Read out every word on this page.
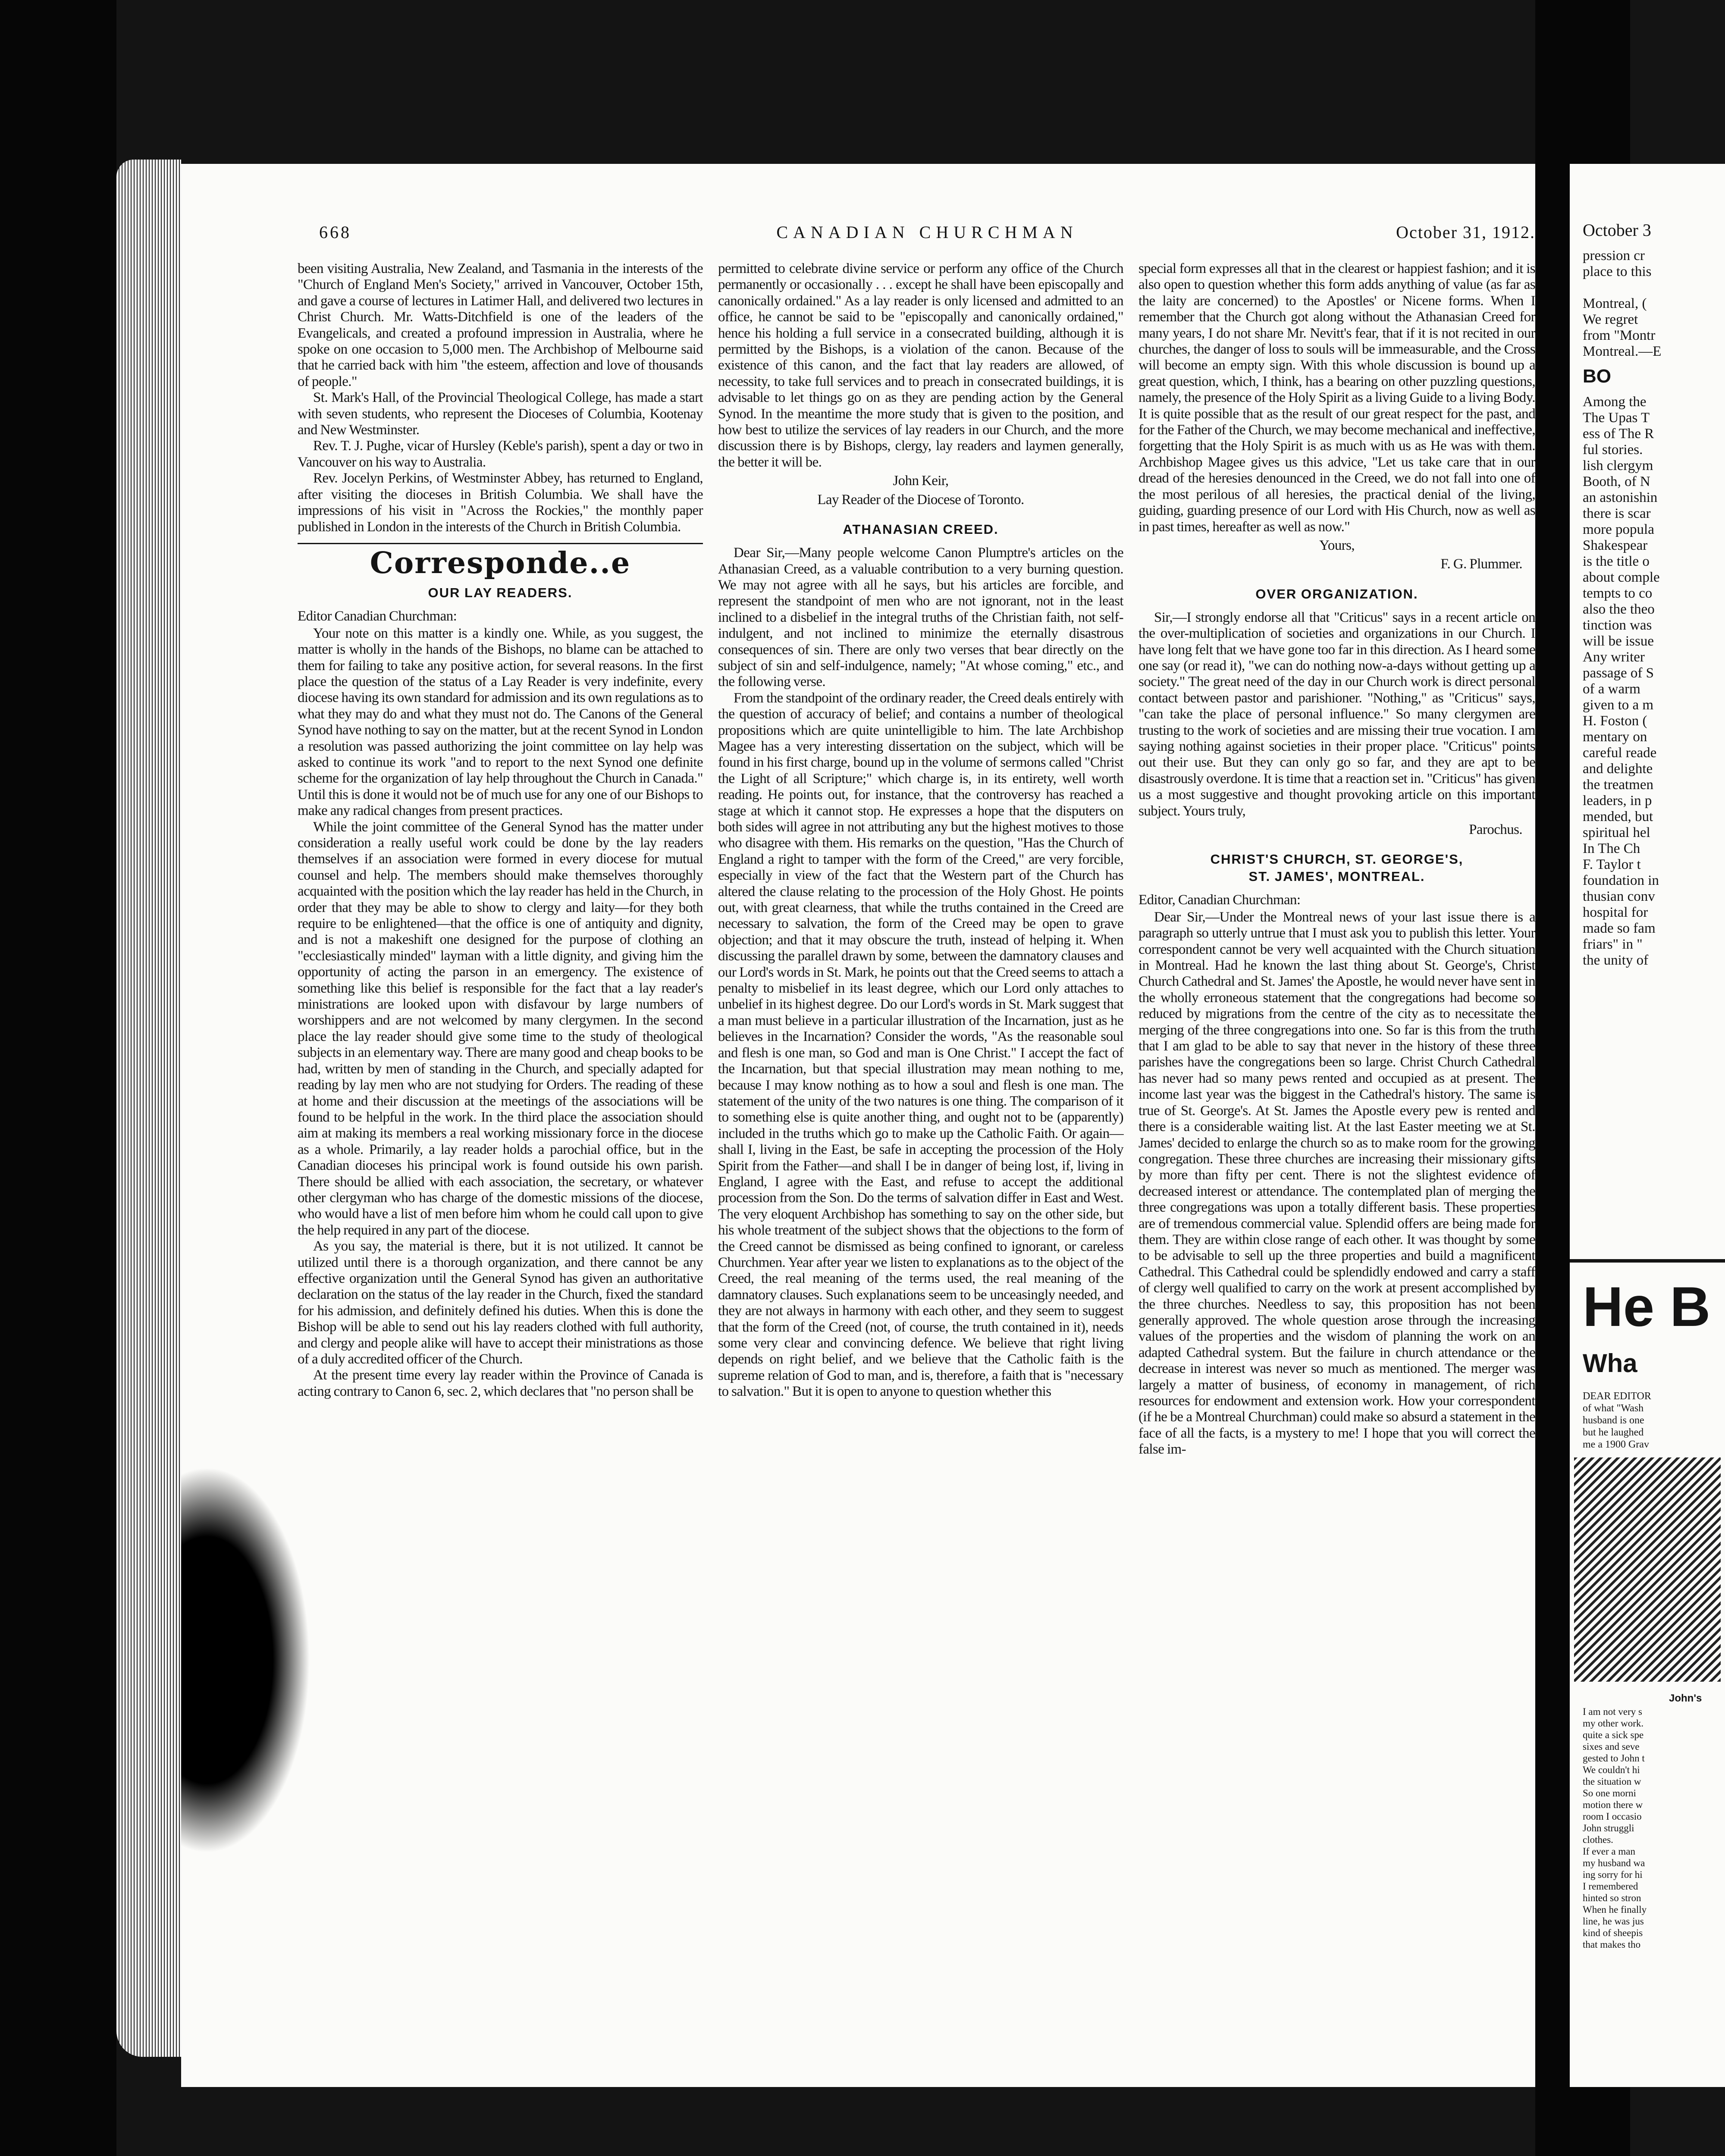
668	CANADIAN CHURCHMAN	October 31, 1912.

been visiting Australia, New Zealand, and Tasmania in the interests of the "Church of England Men's Society," arrived in Vancouver, October 15th, and gave a course of lectures in Latimer Hall, and delivered two lectures in Christ Church. Mr. Watts-Ditchfield is one of the leaders of the Evangelicals, and created a profound impression in Australia, where he spoke on one occasion to 5,000 men. The Archbishop of Melbourne said that he carried back with him "the esteem, affection and love of thousands of people."

St. Mark's Hall, of the Provincial Theological College, has made a start with seven students, who represent the Dioceses of Columbia, Kootenay and New Westminster.

Rev. T. J. Pughe, vicar of Hursley (Keble's parish), spent a day or two in Vancouver on his way to Australia.

Rev. Jocelyn Perkins, of Westminster Abbey, has returned to England, after visiting the dioceses in British Columbia. We shall have the impressions of his visit in "Across the Rockies," the monthly paper published in London in the interests of the Church in British Columbia.

Corresponde..e
OUR LAY READERS.

Editor Canadian Churchman:

Your note on this matter is a kindly one. While, as you suggest, the matter is wholly in the hands of the Bishops, no blame can be attached to them for failing to take any positive action, for several reasons. In the first place the question of the status of a Lay Reader is very indefinite, every diocese having its own standard for admission and its own regulations as to what they may do and what they must not do. The Canons of the General Synod have nothing to say on the matter, but at the recent Synod in London a resolution was passed authorizing the joint committee on lay help was asked to continue its work "and to report to the next Synod one definite scheme for the organization of lay help throughout the Church in Canada." Until this is done it would not be of much use for any one of our Bishops to make any radical changes from present practices.

While the joint committee of the General Synod has the matter under consideration a really useful work could be done by the lay readers themselves if an association were formed in every diocese for mutual counsel and help. The members should make themselves thoroughly acquainted with the position which the lay reader has held in the Church, in order that they may be able to show to clergy and laity—for they both require to be enlightened—that the office is one of antiquity and dignity, and is not a makeshift one designed for the purpose of clothing an "ecclesiastically minded" layman with a little dignity, and giving him the opportunity of acting the parson in an emergency. The existence of something like this belief is responsible for the fact that a lay reader's ministrations are looked upon with disfavour by large numbers of worshippers and are not welcomed by many clergymen. In the second place the lay reader should give some time to the study of theological subjects in an elementary way. There are many good and cheap books to be had, written by men of standing in the Church, and specially adapted for reading by lay men who are not studying for Orders. The reading of these at home and their discussion at the meetings of the associations will be found to be helpful in the work. In the third place the association should aim at making its members a real working missionary force in the diocese as a whole. Primarily, a lay reader holds a parochial office, but in the Canadian dioceses his principal work is found outside his own parish. There should be allied with each association, the secretary, or whatever other clergyman who has charge of the domestic missions of the diocese, who would have a list of men before him whom he could call upon to give the help required in any part of the diocese.

As you say, the material is there, but it is not utilized. It cannot be utilized until there is a thorough organization, and there cannot be any effective organization until the General Synod has given an authoritative declaration on the status of the lay reader in the Church, fixed the standard for his admission, and definitely defined his duties. When this is done the Bishop will be able to send out his lay readers clothed with full authority, and clergy and people alike will have to accept their ministrations as those of a duly accredited officer of the Church.

At the present time every lay reader within the Province of Canada is acting contrary to Canon 6, sec. 2, which declares that "no person shall be

permitted to celebrate divine service or perform any office of the Church permanently or occasionally . . . except he shall have been episcopally and canonically ordained." As a lay reader is only licensed and admitted to an office, he cannot be said to be "episcopally and canonically ordained," hence his holding a full service in a consecrated building, although it is permitted by the Bishops, is a violation of the canon. Because of the existence of this canon, and the fact that lay readers are allowed, of necessity, to take full services and to preach in consecrated buildings, it is advisable to let things go on as they are pending action by the General Synod. In the meantime the more study that is given to the position, and how best to utilize the services of lay readers in our Church, and the more discussion there is by Bishops, clergy, lay readers and laymen generally, the better it will be.

John Keir,

Lay Reader of the Diocese of Toronto.

ATHANASIAN CREED.

Dear Sir,—Many people welcome Canon Plumptre's articles on the Athanasian Creed, as a valuable contribution to a very burning question. We may not agree with all he says, but his articles are forcible, and represent the standpoint of men who are not ignorant, not in the least inclined to a disbelief in the integral truths of the Christian faith, not self-indulgent, and not inclined to minimize the eternally disastrous consequences of sin. There are only two verses that bear directly on the subject of sin and self-indulgence, namely; "At whose coming," etc., and the following verse.

From the standpoint of the ordinary reader, the Creed deals entirely with the question of accuracy of belief; and contains a number of theological propositions which are quite unintelligible to him. The late Archbishop Magee has a very interesting dissertation on the subject, which will be found in his first charge, bound up in the volume of sermons called "Christ the Light of all Scripture;" which charge is, in its entirety, well worth reading. He points out, for instance, that the controversy has reached a stage at which it cannot stop. He expresses a hope that the disputers on both sides will agree in not attributing any but the highest motives to those who disagree with them. His remarks on the question, "Has the Church of England a right to tamper with the form of the Creed," are very forcible, especially in view of the fact that the Western part of the Church has altered the clause relating to the procession of the Holy Ghost. He points out, with great clearness, that while the truths contained in the Creed are necessary to salvation, the form of the Creed may be open to grave objection; and that it may obscure the truth, instead of helping it. When discussing the parallel drawn by some, between the damnatory clauses and our Lord's words in St. Mark, he points out that the Creed seems to attach a penalty to misbelief in its least degree, which our Lord only attaches to unbelief in its highest degree. Do our Lord's words in St. Mark suggest that a man must believe in a particular illustration of the Incarnation, just as he believes in the Incarnation? Consider the words, "As the reasonable soul and flesh is one man, so God and man is One Christ." I accept the fact of the Incarnation, but that special illustration may mean nothing to me, because I may know nothing as to how a soul and flesh is one man. The statement of the unity of the two natures is one thing. The comparison of it to something else is quite another thing, and ought not to be (apparently) included in the truths which go to make up the Catholic Faith. Or again—shall I, living in the East, be safe in accepting the procession of the Holy Spirit from the Father—and shall I be in danger of being lost, if, living in England, I agree with the East, and refuse to accept the additional procession from the Son. Do the terms of salvation differ in East and West. The very eloquent Archbishop has something to say on the other side, but his whole treatment of the subject shows that the objections to the form of the Creed cannot be dismissed as being confined to ignorant, or careless Churchmen. Year after year we listen to explanations as to the object of the Creed, the real meaning of the terms used, the real meaning of the damnatory clauses. Such explanations seem to be unceasingly needed, and they are not always in harmony with each other, and they seem to suggest that the form of the Creed (not, of course, the truth contained in it), needs some very clear and convincing defence. We believe that right living depends on right belief, and we believe that the Catholic faith is the supreme relation of God to man, and is, therefore, a faith that is "necessary to salvation." But it is open to anyone to question whether this

special form expresses all that in the clearest or happiest fashion; and it is also open to question whether this form adds anything of value (as far as the laity are concerned) to the Apostles' or Nicene forms. When I remember that the Church got along without the Athanasian Creed for many years, I do not share Mr. Nevitt's fear, that if it is not recited in our churches, the danger of loss to souls will be immeasurable, and the Cross will become an empty sign. With this whole discussion is bound up a great question, which, I think, has a bearing on other puzzling questions, namely, the presence of the Holy Spirit as a living Guide to a living Body. It is quite possible that as the result of our great respect for the past, and for the Father of the Church, we may become mechanical and ineffective, forgetting that the Holy Spirit is as much with us as He was with them. Archbishop Magee gives us this advice, "Let us take care that in our dread of the heresies denounced in the Creed, we do not fall into one of the most perilous of all heresies, the practical denial of the living, guiding, guarding presence of our Lord with His Church, now as well as in past times, hereafter as well as now."

Yours,

F. G. Plummer.

OVER ORGANIZATION.

Sir,—I strongly endorse all that "Criticus" says in a recent article on the over-multiplication of societies and organizations in our Church. I have long felt that we have gone too far in this direction. As I heard some one say (or read it), "we can do nothing now-a-days without getting up a society." The great need of the day in our Church work is direct personal contact between pastor and parishioner. "Nothing," as "Criticus" says, "can take the place of personal influence." So many clergymen are trusting to the work of societies and are missing their true vocation. I am saying nothing against societies in their proper place. "Criticus" points out their use. But they can only go so far, and they are apt to be disastrously overdone. It is time that a reaction set in. "Criticus" has given us a most suggestive and thought provoking article on this important subject. Yours truly,

Parochus.

CHRIST'S CHURCH, ST. GEORGE'S,
ST. JAMES', MONTREAL.

Editor, Canadian Churchman:

Dear Sir,—Under the Montreal news of your last issue there is a paragraph so utterly untrue that I must ask you to publish this letter. Your correspondent cannot be very well acquainted with the Church situation in Montreal. Had he known the last thing about St. George's, Christ Church Cathedral and St. James' the Apostle, he would never have sent in the wholly erroneous statement that the congregations had become so reduced by migrations from the centre of the city as to necessitate the merging of the three congregations into one. So far is this from the truth that I am glad to be able to say that never in the history of these three parishes have the congregations been so large. Christ Church Cathedral has never had so many pews rented and occupied as at present. The income last year was the biggest in the Cathedral's history. The same is true of St. George's. At St. James the Apostle every pew is rented and there is a considerable waiting list. At the last Easter meeting we at St. James' decided to enlarge the church so as to make room for the growing congregation. These three churches are increasing their missionary gifts by more than fifty per cent. There is not the slightest evidence of decreased interest or attendance. The contemplated plan of merging the three congregations was upon a totally different basis. These properties are of tremendous commercial value. Splendid offers are being made for them. They are within close range of each other. It was thought by some to be advisable to sell up the three properties and build a magnificent Cathedral. This Cathedral could be splendidly endowed and carry a staff of clergy well qualified to carry on the work at present accomplished by the three churches. Needless to say, this proposition has not been generally approved. The whole question arose through the increasing values of the properties and the wisdom of planning the work on an adapted Cathedral system. But the failure in church attendance or the decrease in interest was never so much as mentioned. The merger was largely a matter of business, of economy in management, of rich resources for endowment and extension work. How your correspondent (if he be a Montreal Churchman) could make so absurd a statement in the face of all the facts, is a mystery to me! I hope that you will correct the false im-

October 3
pression cr
place to this
Montreal, (
We regret
from "Montr
Montreal.—E
BO
Among the
The Upas T
ess of The R
ful stories.
lish clergym
Booth, of N
an astonishin
there is scar
more popula
Shakespear
is the title o
about comple
tempts to co
also the theo
tinction was
will be issue
Any writer
passage of S
of a warm
given to a m
H. Foston (
mentary on
careful reade
and delighte
the treatmen
leaders, in p
mended, but
spiritual hel
In The Ch
F. Taylor t
foundation in
thusian conv
hospital for
made so fam
friars" in "
the unity of
He B
Wha
DEAR EDITOR
of what "Wash
husband is one
but he laughed
me a 1900 Grav
John's
I am not very s
my other work.
quite a sick spe
sixes and seve
gested to John t
We couldn't hi
the situation w
So one morni
motion there w
room I occasio
John struggli
clothes.
If ever a man
my husband wa
ing sorry for hi
I remembered
hinted so stron
When he finally
line, he was jus
kind of sheepis
that makes tho
